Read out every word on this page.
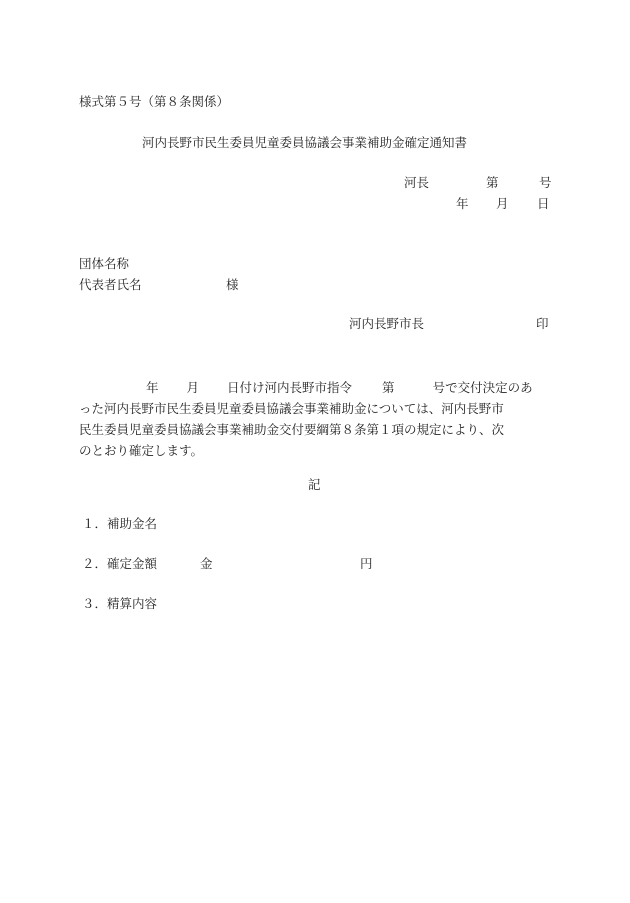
様式第５号（第８条関係）
河内長野市民生委員児童委員協議会事業補助金確定通知書
河長	第	号
年 月 日
団体名称
代表者氏名	様
河内長野市長	印
年 月 日付け河内長野市指令 第	号で交付決定のあ
った河内長野市民生委員児童委員協議会事業補助金については、河内長野市
民生委員児童委員協議会事業補助金交付要綱第８条第１項の規定により、次
のとおり確定します。
記
１．補助金名
２．確定金額	金	円
３．精算内容
